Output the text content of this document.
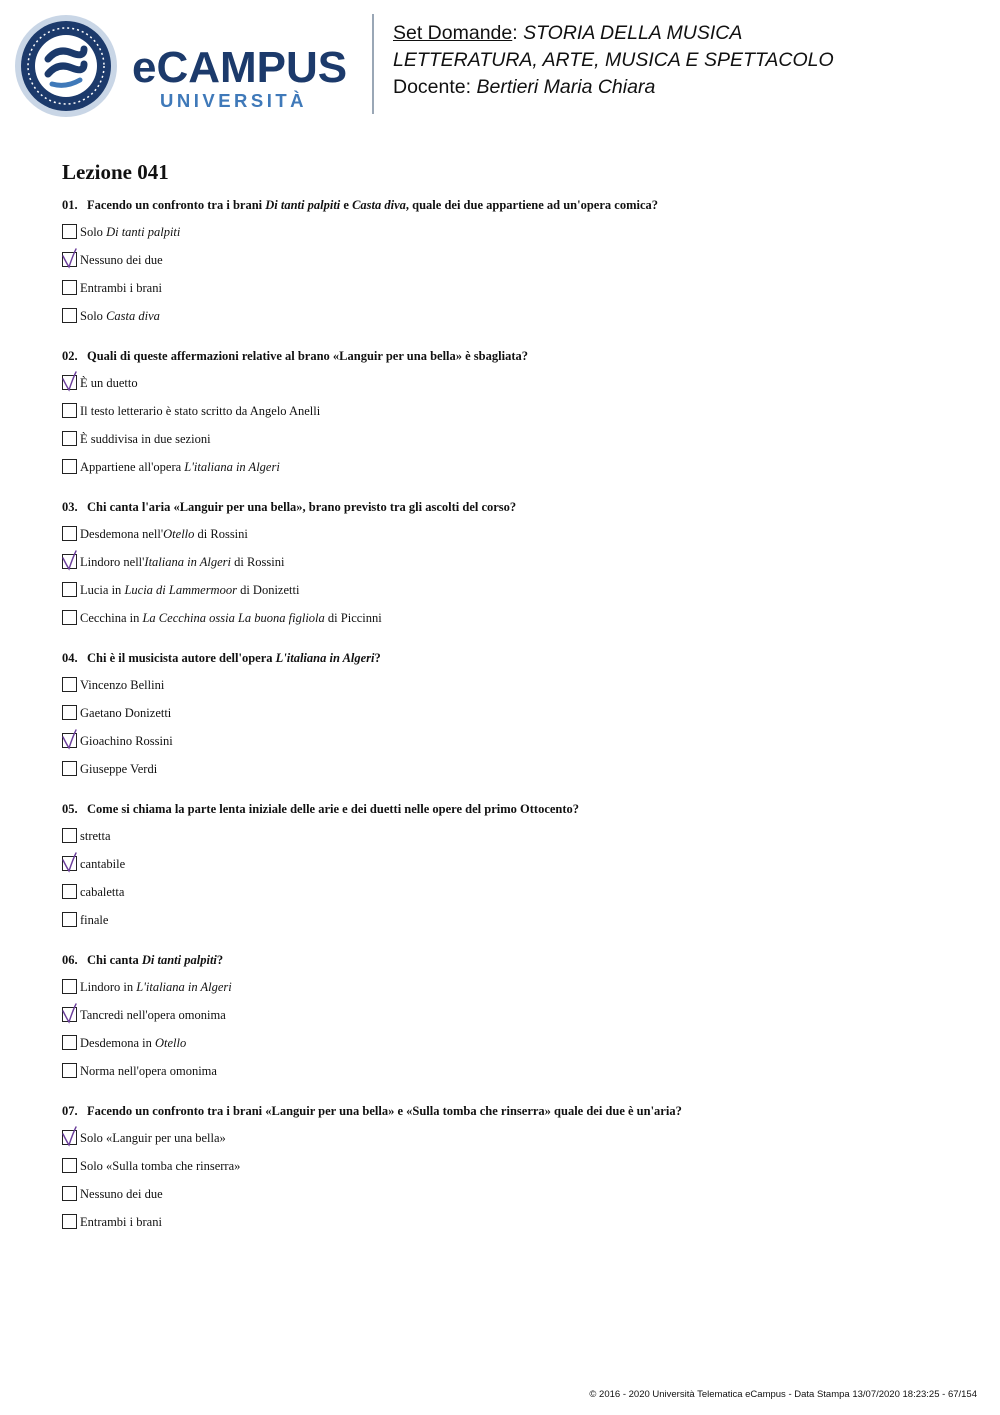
eCAMPUS
UNIVERSITÀ
Set Domande: STORIA DELLA MUSICA
LETTERATURA, ARTE, MUSICA E SPETTACOLO
Docente: Bertieri Maria Chiara
Lezione 041
01. Facendo un confronto tra i brani Di tanti palpiti e Casta diva, quale dei due appartiene ad un'opera comica?
Solo Di tanti palpiti
Nessuno dei due
Entrambi i brani
Solo Casta diva
02. Quali di queste affermazioni relative al brano «Languir per una bella» è sbagliata?
È un duetto
Il testo letterario è stato scritto da Angelo Anelli
È suddivisa in due sezioni
Appartiene all'opera L'italiana in Algeri
03. Chi canta l'aria «Languir per una bella», brano previsto tra gli ascolti del corso?
Desdemona nell'Otello di Rossini
Lindoro nell'Italiana in Algeri di Rossini
Lucia in Lucia di Lammermoor di Donizetti
Cecchina in La Cecchina ossia La buona figliola di Piccinni
04. Chi è il musicista autore dell'opera L'italiana in Algeri?
Vincenzo Bellini
Gaetano Donizetti
Gioachino Rossini
Giuseppe Verdi
05. Come si chiama la parte lenta iniziale delle arie e dei duetti nelle opere del primo Ottocento?
stretta
cantabile
cabaletta
finale
06. Chi canta Di tanti palpiti?
Lindoro in L'italiana in Algeri
Tancredi nell'opera omonima
Desdemona in Otello
Norma nell'opera omonima
07. Facendo un confronto tra i brani «Languir per una bella» e «Sulla tomba che rinserra» quale dei due è un'aria?
Solo «Languir per una bella»
Solo «Sulla tomba che rinserra»
Nessuno dei due
Entrambi i brani
© 2016 - 2020 Università Telematica eCampus - Data Stampa 13/07/2020 18:23:25 - 67/154
